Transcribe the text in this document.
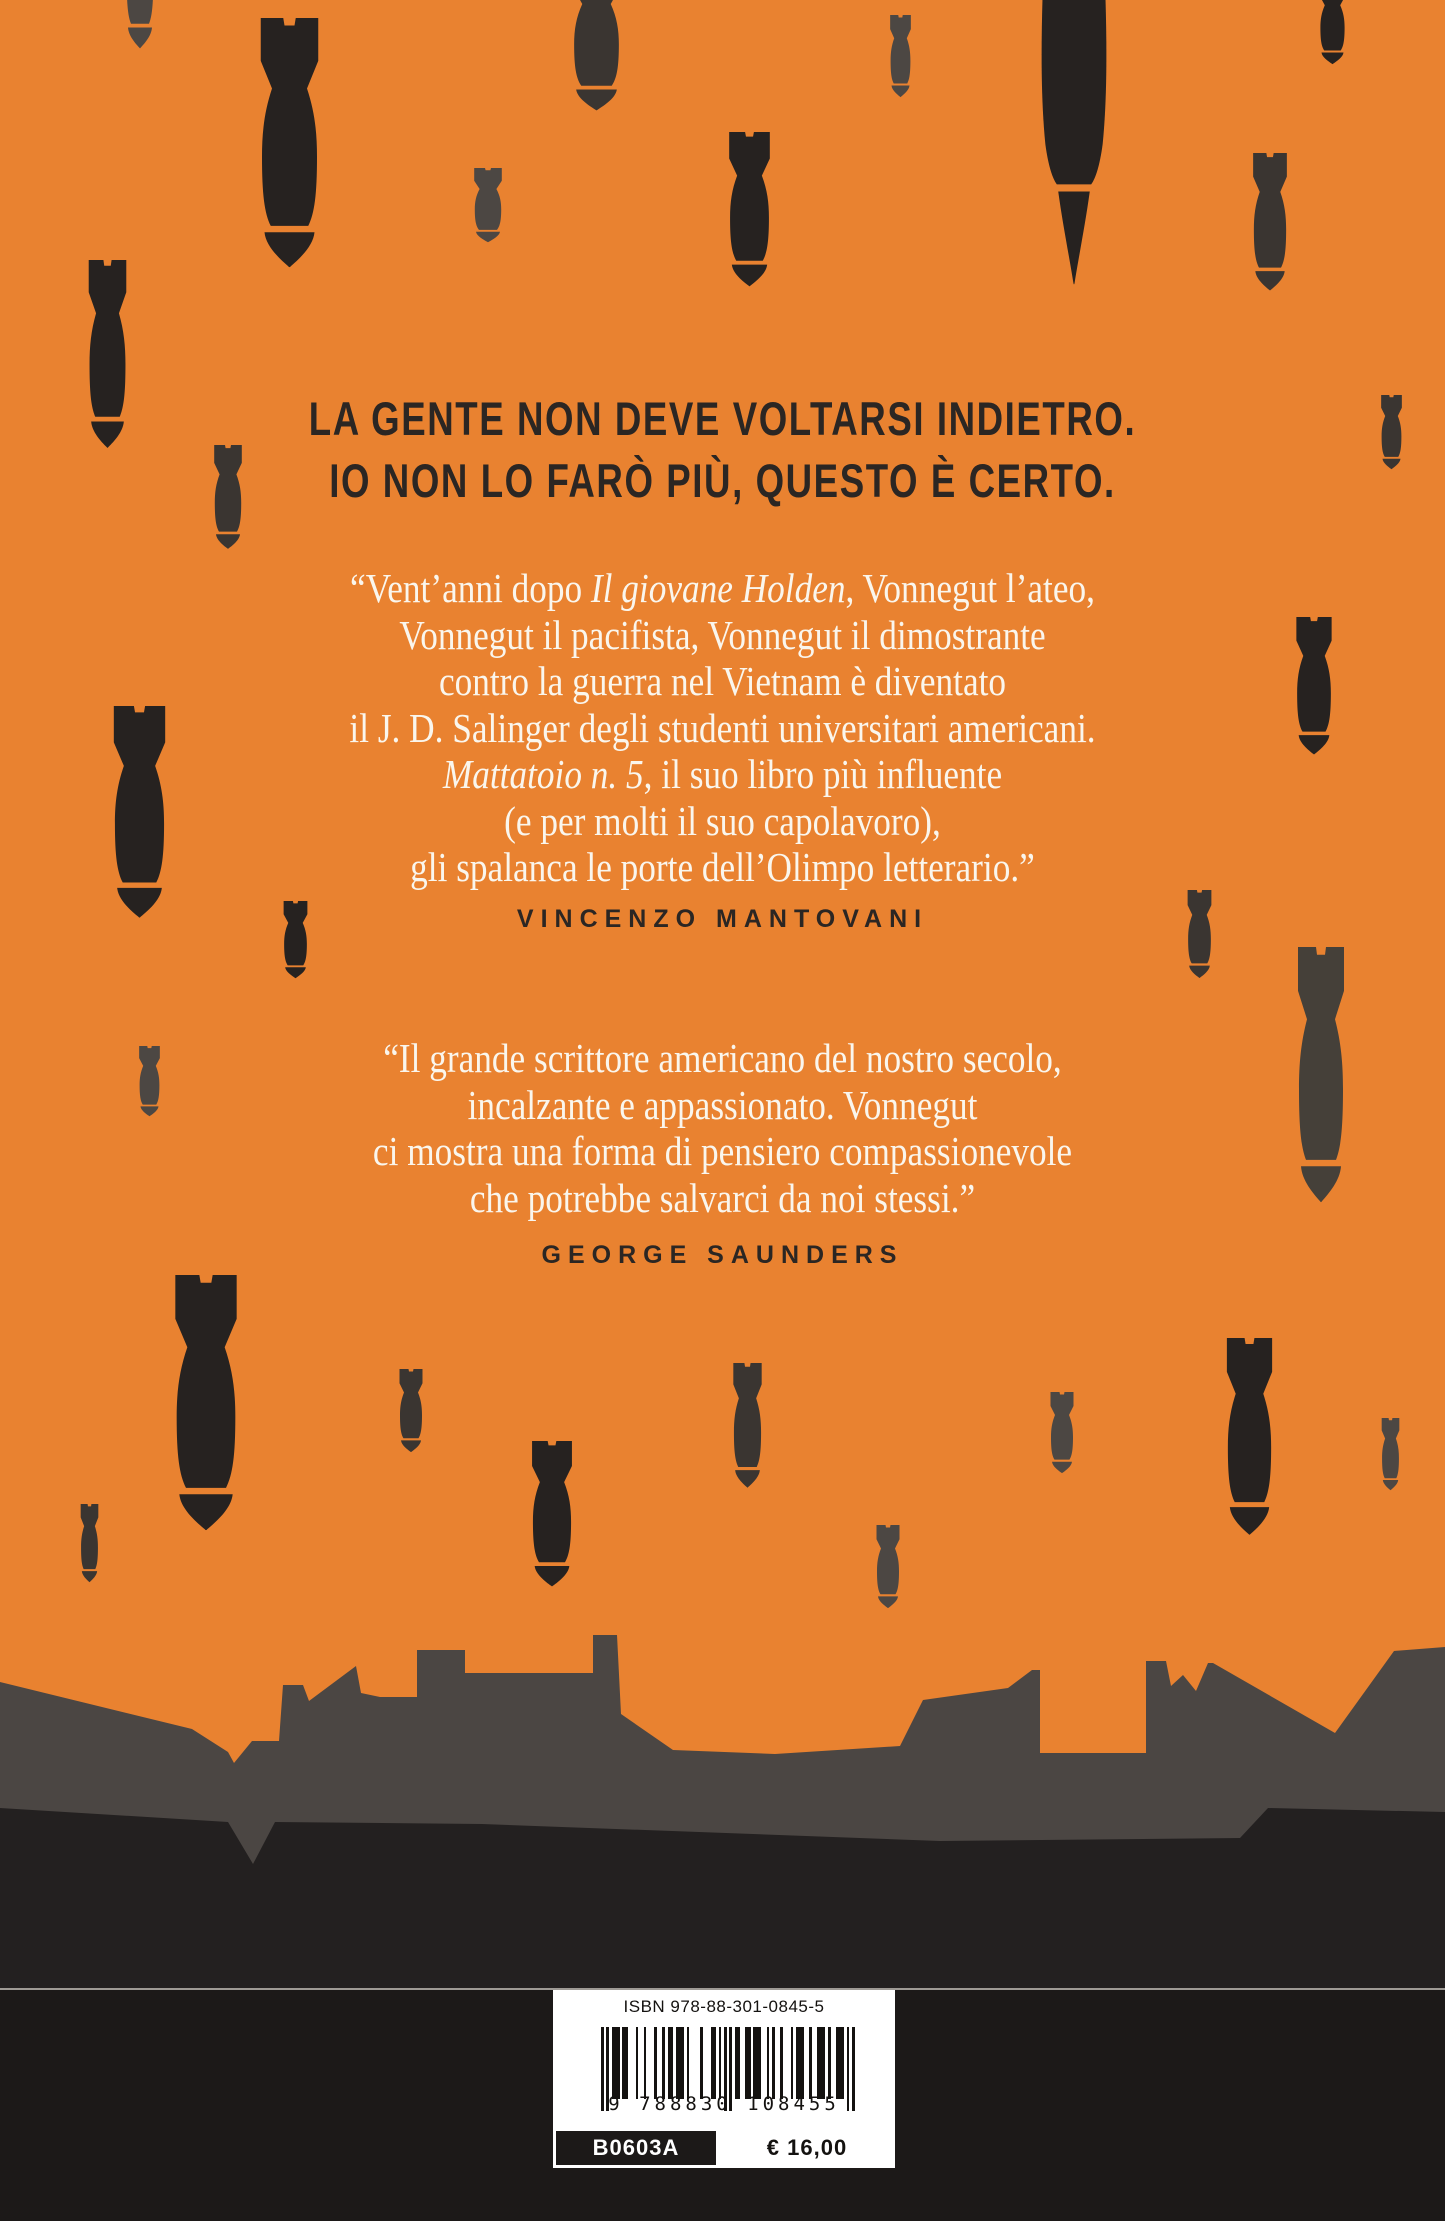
LA GENTE NON DEVE VOLTARSI INDIETRO.
IO NON LO FARÒ PIÙ, QUESTO È CERTO.
“Vent’anni dopo Il giovane Holden, Vonnegut l’ateo,
Vonnegut il pacifista, Vonnegut il dimostrante
contro la guerra nel Vietnam è diventato
il J. D. Salinger degli studenti universitari americani.
Mattatoio n. 5, il suo libro più influente
(e per molti il suo capolavoro),
gli spalanca le porte dell’Olimpo letterario.”
VINCENZO MANTOVANI
“Il grande scrittore americano del nostro secolo,
incalzante e appassionato. Vonnegut
ci mostra una forma di pensiero compassionevole
che potrebbe salvarci da noi stessi.”
GEORGE SAUNDERS
ISBN 978-88-301-0845-5
9 788830 108455
B0603A	€ 16,00
